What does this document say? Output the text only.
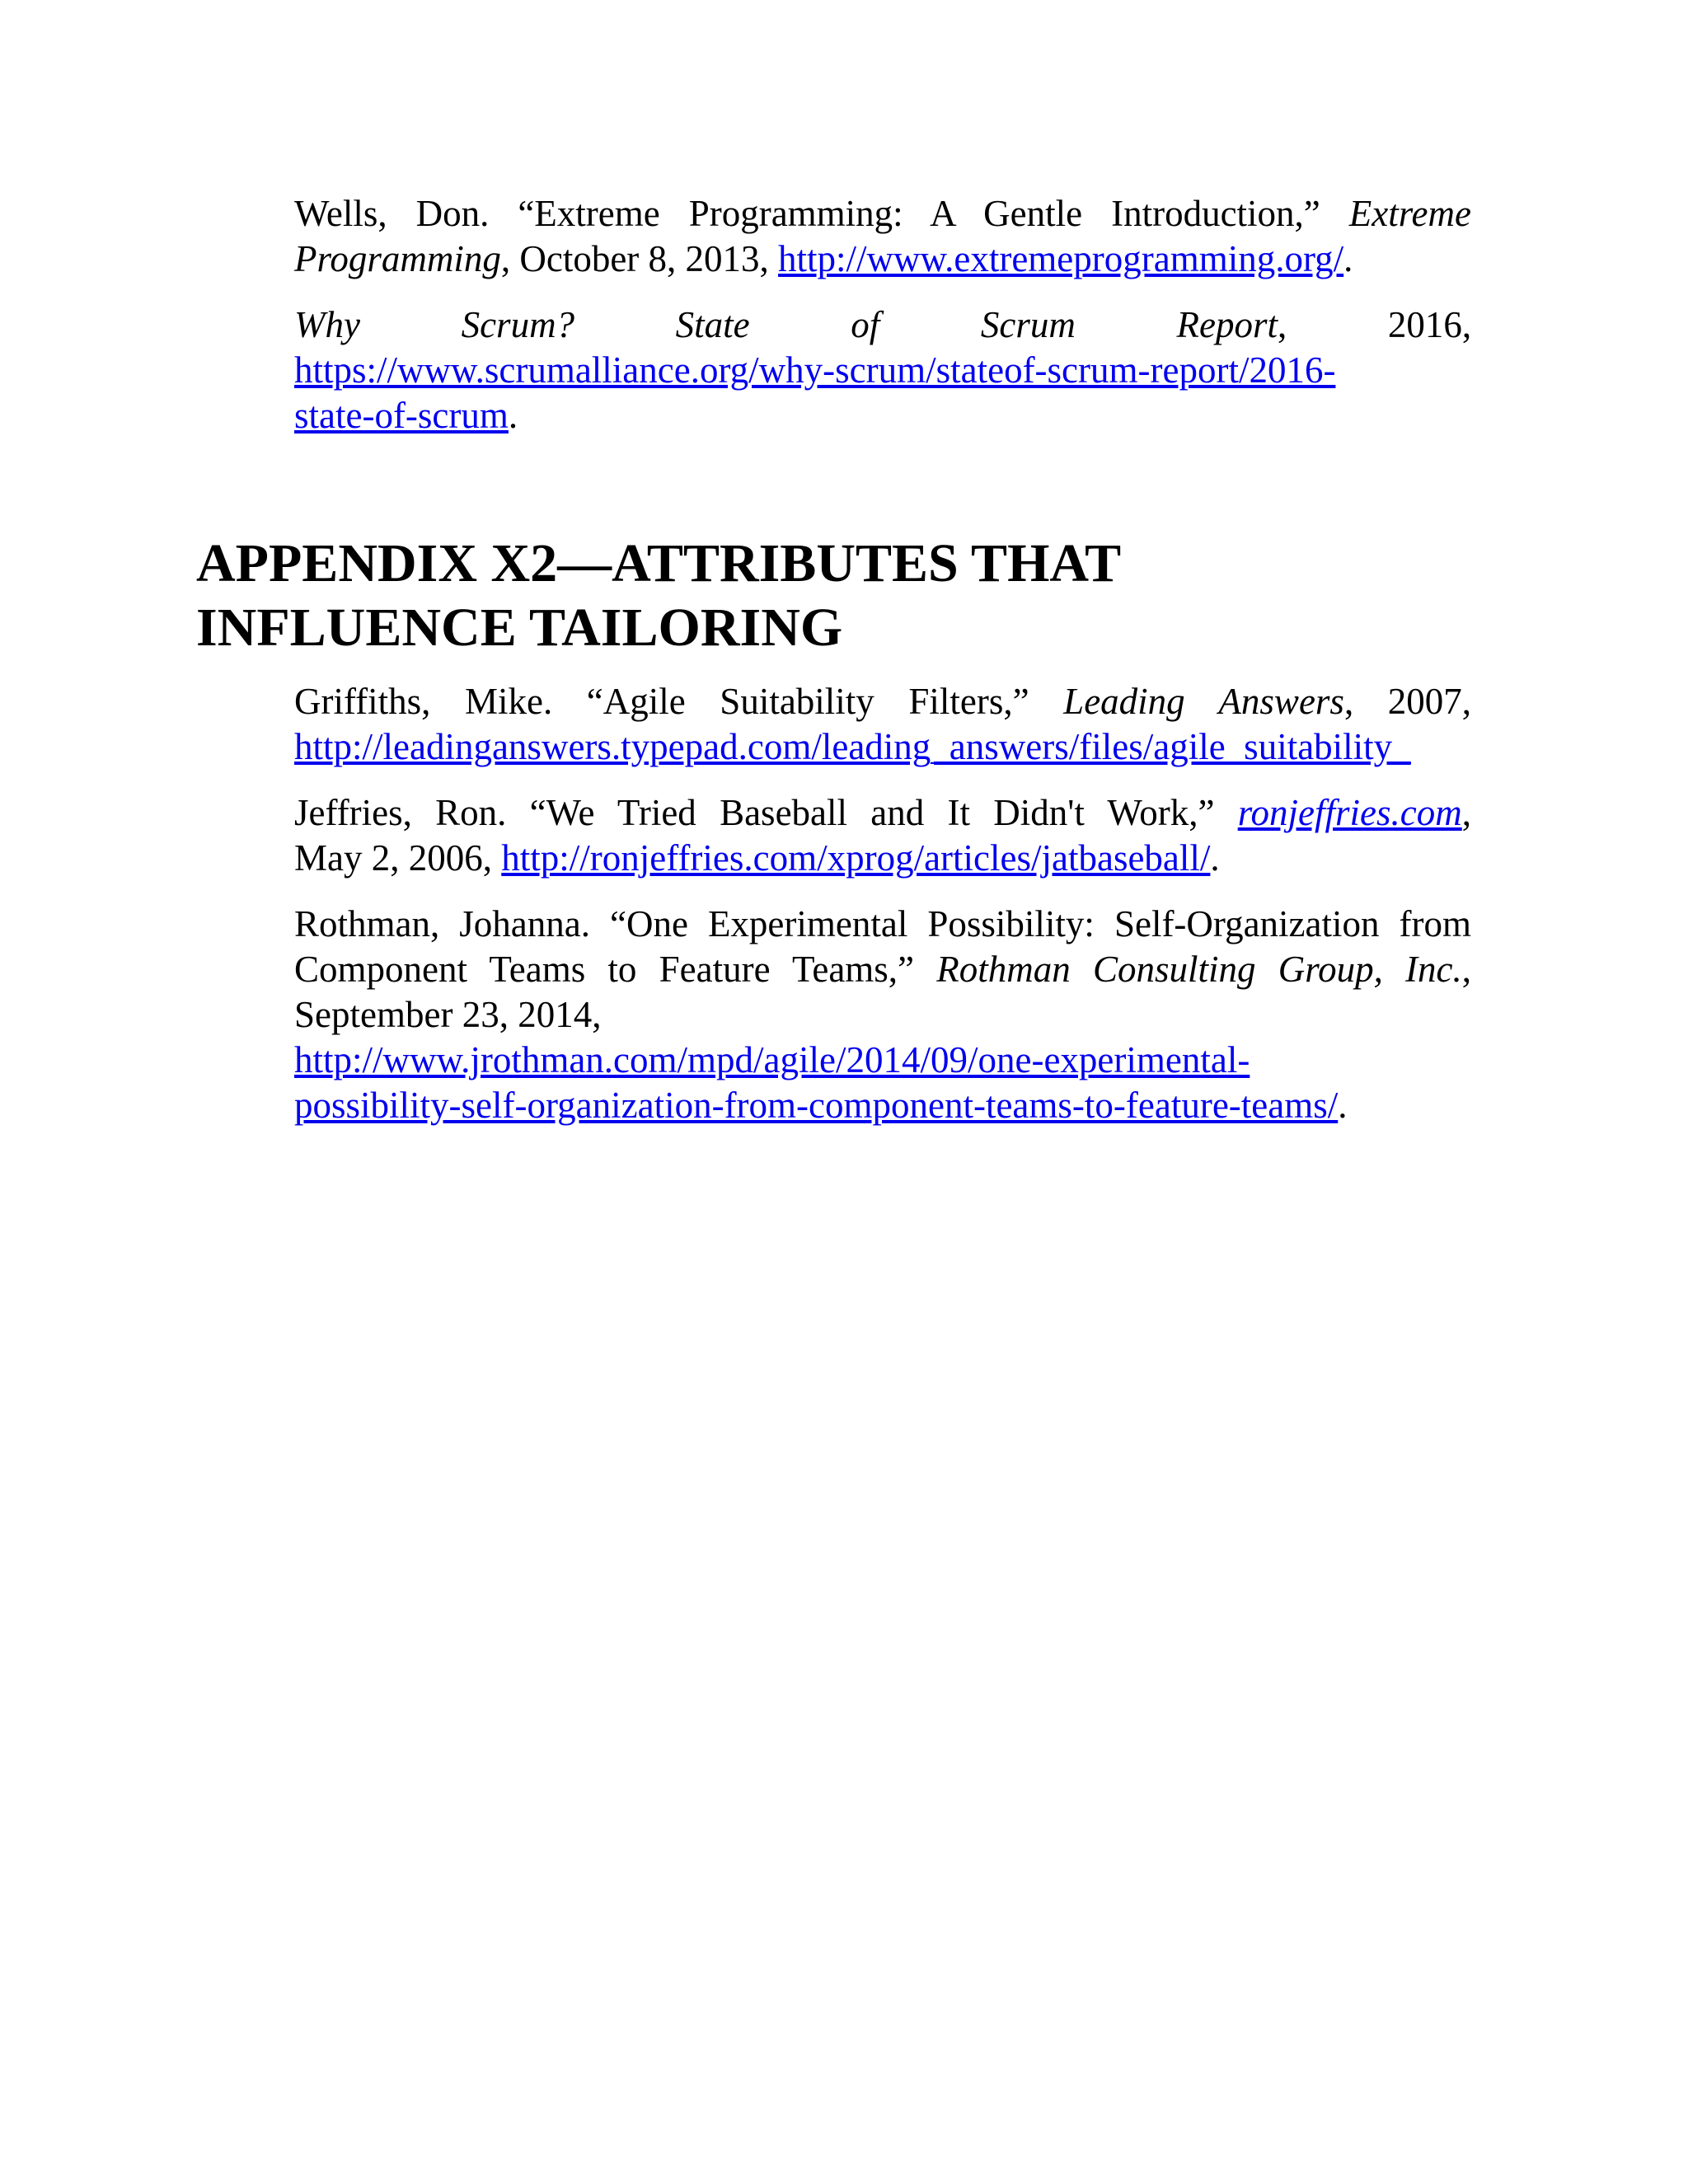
Wells, Don. “Extreme Programming: A Gentle Introduction,” Extreme Programming, October 8, 2013, http://www.extremeprogramming.org/.

Why	Scrum?	State	of	Scrum	Report,	2016,
https://www.scrumalliance.org/why-scrum/stateof-scrum-report/2016-
state-of-scrum.

APPENDIX X2—ATTRIBUTES THAT
INFLUENCE TAILORING

Griffiths, Mike. “Agile Suitability Filters,” Leading Answers, 2007,
http://leadinganswers.typepad.com/leading_answers/files/agile_suitability_

Jeffries, Ron. “We Tried Baseball and It Didn't Work,” ronjeffries.com,
May 2, 2006, http://ronjeffries.com/xprog/articles/jatbaseball/.

Rothman, Johanna. “One Experimental Possibility: Self-Organization from Component Teams to Feature Teams,” Rothman Consulting Group, Inc., September 23, 2014,
http://www.jrothman.com/mpd/agile/2014/09/one-experimental-
possibility-self-organization-from-component-teams-to-feature-teams/.
